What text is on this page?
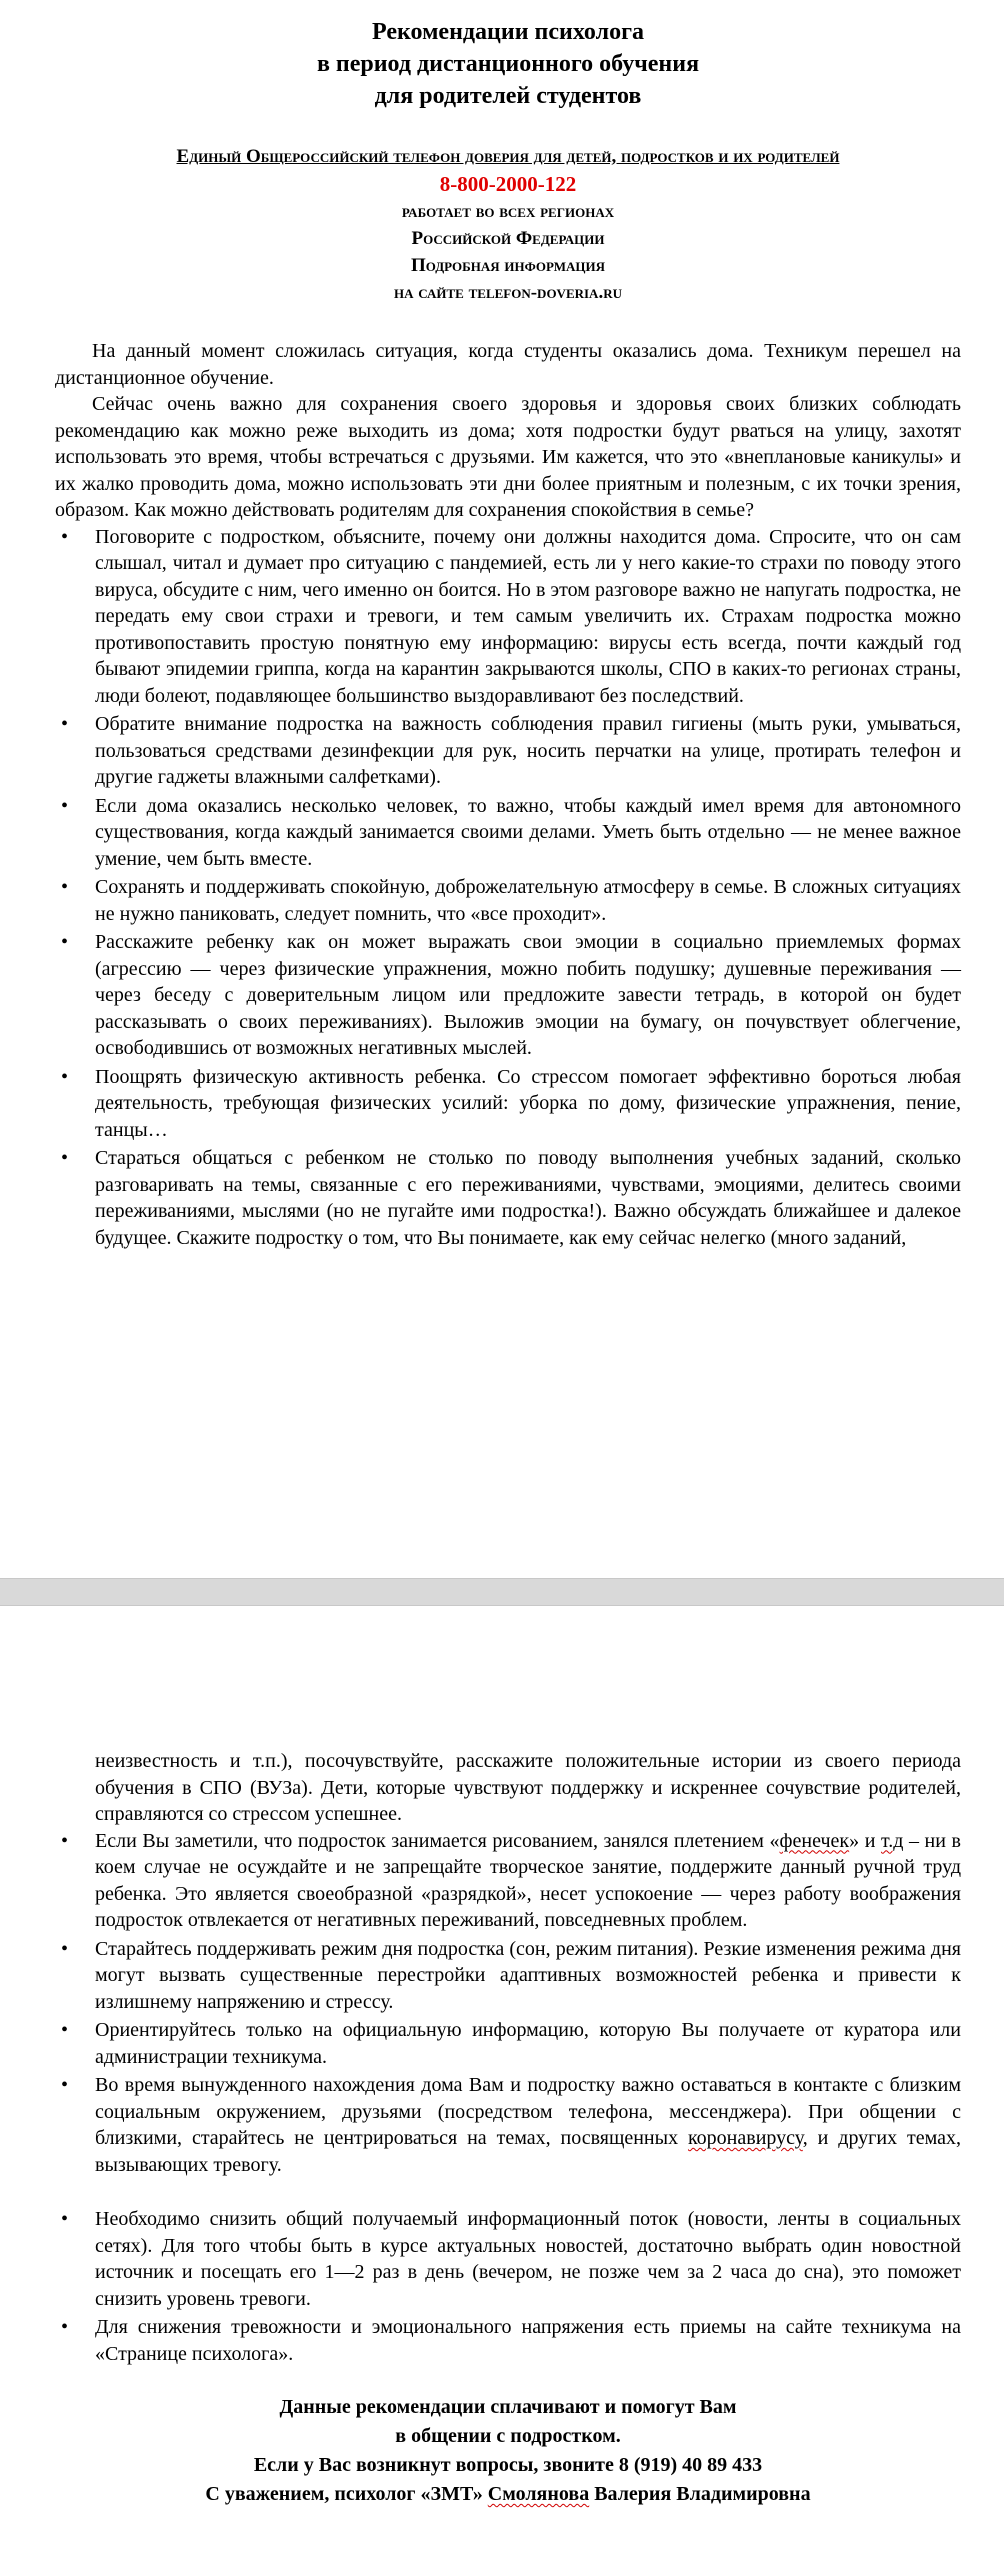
Рекомендации психолога

в период дистанционного обучения

для родителей студентов

Единый Общероссийский телефон доверия для детей, подростков и их родителей

8-800-2000-122
работает во всех регионах
Российской Федерации
Подробная информация
на сайте telefon-doveria.ru

На данный момент сложилась ситуация, когда студенты оказались дома. Техникум перешел на дистанционное обучение.

Сейчас очень важно для сохранения своего здоровья и здоровья своих близких соблюдать рекомендацию как можно реже выходить из дома; хотя подростки будут рваться на улицу, захотят использовать это время, чтобы встречаться с друзьями. Им кажется, что это «внеплановые каникулы» и их жалко проводить дома, можно использовать эти дни более приятным и полезным, с их точки зрения, образом. Как можно действовать родителям для сохранения спокойствия в семье?

•	Поговорите с подростком, объясните, почему они должны находится дома. Спросите, что он сам слышал, читал и думает про ситуацию с пандемией, есть ли у него какие-то страхи по поводу этого вируса, обсудите с ним, чего именно он боится. Но в этом разговоре важно не напугать подростка, не передать ему свои страхи и тревоги, и тем самым увеличить их. Страхам подростка можно противопоставить простую понятную ему информацию: вирусы есть всегда, почти каждый год бывают эпидемии гриппа, когда на карантин закрываются школы, СПО в каких-то регионах страны, люди болеют, подавляющее большинство выздоравливают без последствий.
•	Обратите внимание подростка на важность соблюдения правил гигиены (мыть руки, умываться, пользоваться средствами дезинфекции для рук, носить перчатки на улице, протирать телефон и другие гаджеты влажными салфетками).
•	Если дома оказались несколько человек, то важно, чтобы каждый имел время для автономного существования, когда каждый занимается своими делами. Уметь быть отдельно — не менее важное умение, чем быть вместе.
•	Сохранять и поддерживать спокойную, доброжелательную атмосферу в семье. В сложных ситуациях не нужно паниковать, следует помнить, что «все проходит».
•	Расскажите ребенку как он может выражать свои эмоции в социально приемлемых формах (агрессию — через физические упражнения, можно побить подушку; душевные переживания — через беседу с доверительным лицом или предложите завести тетрадь, в которой он будет рассказывать о своих переживаниях). Выложив эмоции на бумагу, он почувствует облегчение, освободившись от возможных негативных мыслей.
•	Поощрять физическую активность ребенка. Со стрессом помогает эффективно бороться любая деятельность, требующая физических усилий: уборка по дому, физические упражнения, пение, танцы…
•	Стараться общаться с ребенком не столько по поводу выполнения учебных заданий, сколько разговаривать на темы, связанные с его переживаниями, чувствами, эмоциями, делитесь своими переживаниями, мыслями (но не пугайте ими подростка!). Важно обсуждать ближайшее и далекое будущее. Скажите подростку о том, что Вы понимаете, как ему сейчас нелегко (много заданий,

неизвестность и т.п.), посочувствуйте, расскажите положительные истории из своего периода обучения в СПО (ВУЗа). Дети, которые чувствуют поддержку и искреннее сочувствие родителей, справляются со стрессом успешнее.

•	Если Вы заметили, что подросток занимается рисованием, занялся плетением «фенечек» и т.д – ни в коем случае не осуждайте и не запрещайте творческое занятие, поддержите данный ручной труд ребенка. Это является своеобразной «разрядкой», несет успокоение — через работу воображения подросток отвлекается от негативных переживаний, повседневных проблем.
•	Старайтесь поддерживать режим дня подростка (сон, режим питания). Резкие изменения режима дня могут вызвать существенные перестройки адаптивных возможностей ребенка и привести к излишнему напряжению и стрессу.
•	Ориентируйтесь только на официальную информацию, которую Вы получаете от куратора или администрации техникума.
•	Во время вынужденного нахождения дома Вам и подростку важно оставаться в контакте с близким социальным окружением, друзьями (посредством телефона, мессенджера). При общении с близкими, старайтесь не центрироваться на темах, посвященных коронавирусу, и других темах, вызывающих тревогу.
•	Необходимо снизить общий получаемый информационный поток (новости, ленты в социальных сетях). Для того чтобы быть в курсе актуальных новостей, достаточно выбрать один новостной источник и посещать его 1—2 раз в день (вечером, не позже чем за 2 часа до сна), это поможет снизить уровень тревоги.
•	Для снижения тревожности и эмоционального напряжения есть приемы на сайте техникума на «Странице психолога».
Данные рекомендации сплачивают и помогут Вам
в общении с подростком.
Если у Вас возникнут вопросы, звоните 8 (919) 40 89 433
С уважением, психолог «ЗМТ» Смолянова Валерия Владимировна
